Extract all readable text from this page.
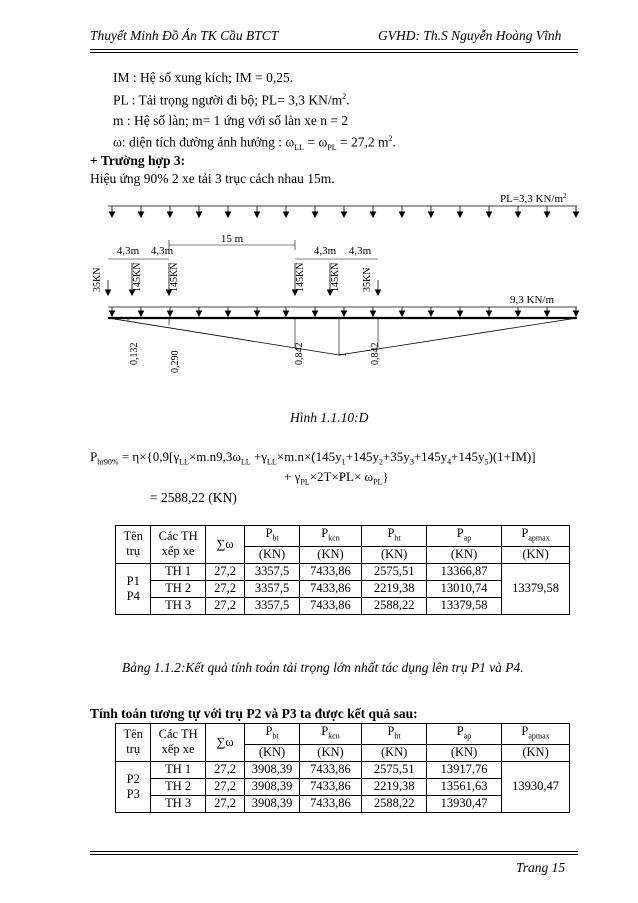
Thuyết Minh Đồ Án TK Cầu BTCT	GVHD: Th.S Nguyễn Hoàng Vĩnh
IM : Hệ số xung kích; IM = 0,25.
PL : Tải trọng người đi bộ; PL= 3,3 $KN/m^2$.
m : Hệ số làn; m= 1 ứng với số làn xe n = 2
ω: diện tích đường ảnh hưởng : $\omega_{LL} = \omega_{PL} = 27,2$ $m^2$.
+ Trường hợp 3:
Hiệu ứng 90% 2 xe tải 3 trục cách nhau 15m.
PL=3,3 $KN/m^2$
15 m
4,3m 4,3m	4,3m 4,3m
35KN	145KN	145KN	145KN 145KN 35KN
9,3 KN/m
0,132	0,290	0,842	1 0,842
Hình 1.1.10:D
$P_{hr90\%} = \eta\times\{0,9[\gamma_{LL}\times m.n9,3\omega_{LL} +\gamma_{LL}\times m.n\times(145y_1+145y_2+35y_3+145y_4+145y_5)(1+IM)]$
+ $\gamma_{PL}\times 2T\times PL\times \omega_{PL}$}
= 2588,22 (KN)
Tên
trụ	Các TH
xếp xe	∑ω	$P_{bt}$	$P_{kcn}$	$P_{ht}$	$P_{ap}$	$P_{apmax}$
			(KN)	(KN)	(KN)	(KN)	(KN)
P1
P4	TH 1	27,2	3357,5	7433,86	2575,51	13366,87	13379,58
	TH 2	27,2	3357,5	7433,86	2219,38	13010,74	
	TH 3	27,2	3357,5	7433,86	2588,22	13379,58	
Bảng 1.1.2:Kết quả tính toán tải trọng lớn nhất tác dụng lên trụ P1 và P4.
Tính toán tương tự với trụ P2 và P3 ta được kết quả sau:
Tên
trụ	Các TH
xếp xe	∑ω	$P_{bt}$	$P_{kcn}$	$P_{ht}$	$P_{ap}$	$P_{apmax}$
			(KN)	(KN)	(KN)	(KN)	(KN)
P2
P3	TH 1	27,2	3908,39	7433,86	2575,51	13917,76	13930,47
	TH 2	27,2	3908,39	7433,86	2219,38	13561,63	
	TH 3	27,2	3908,39	7433,86	2588,22	13930,47	
Trang 15
